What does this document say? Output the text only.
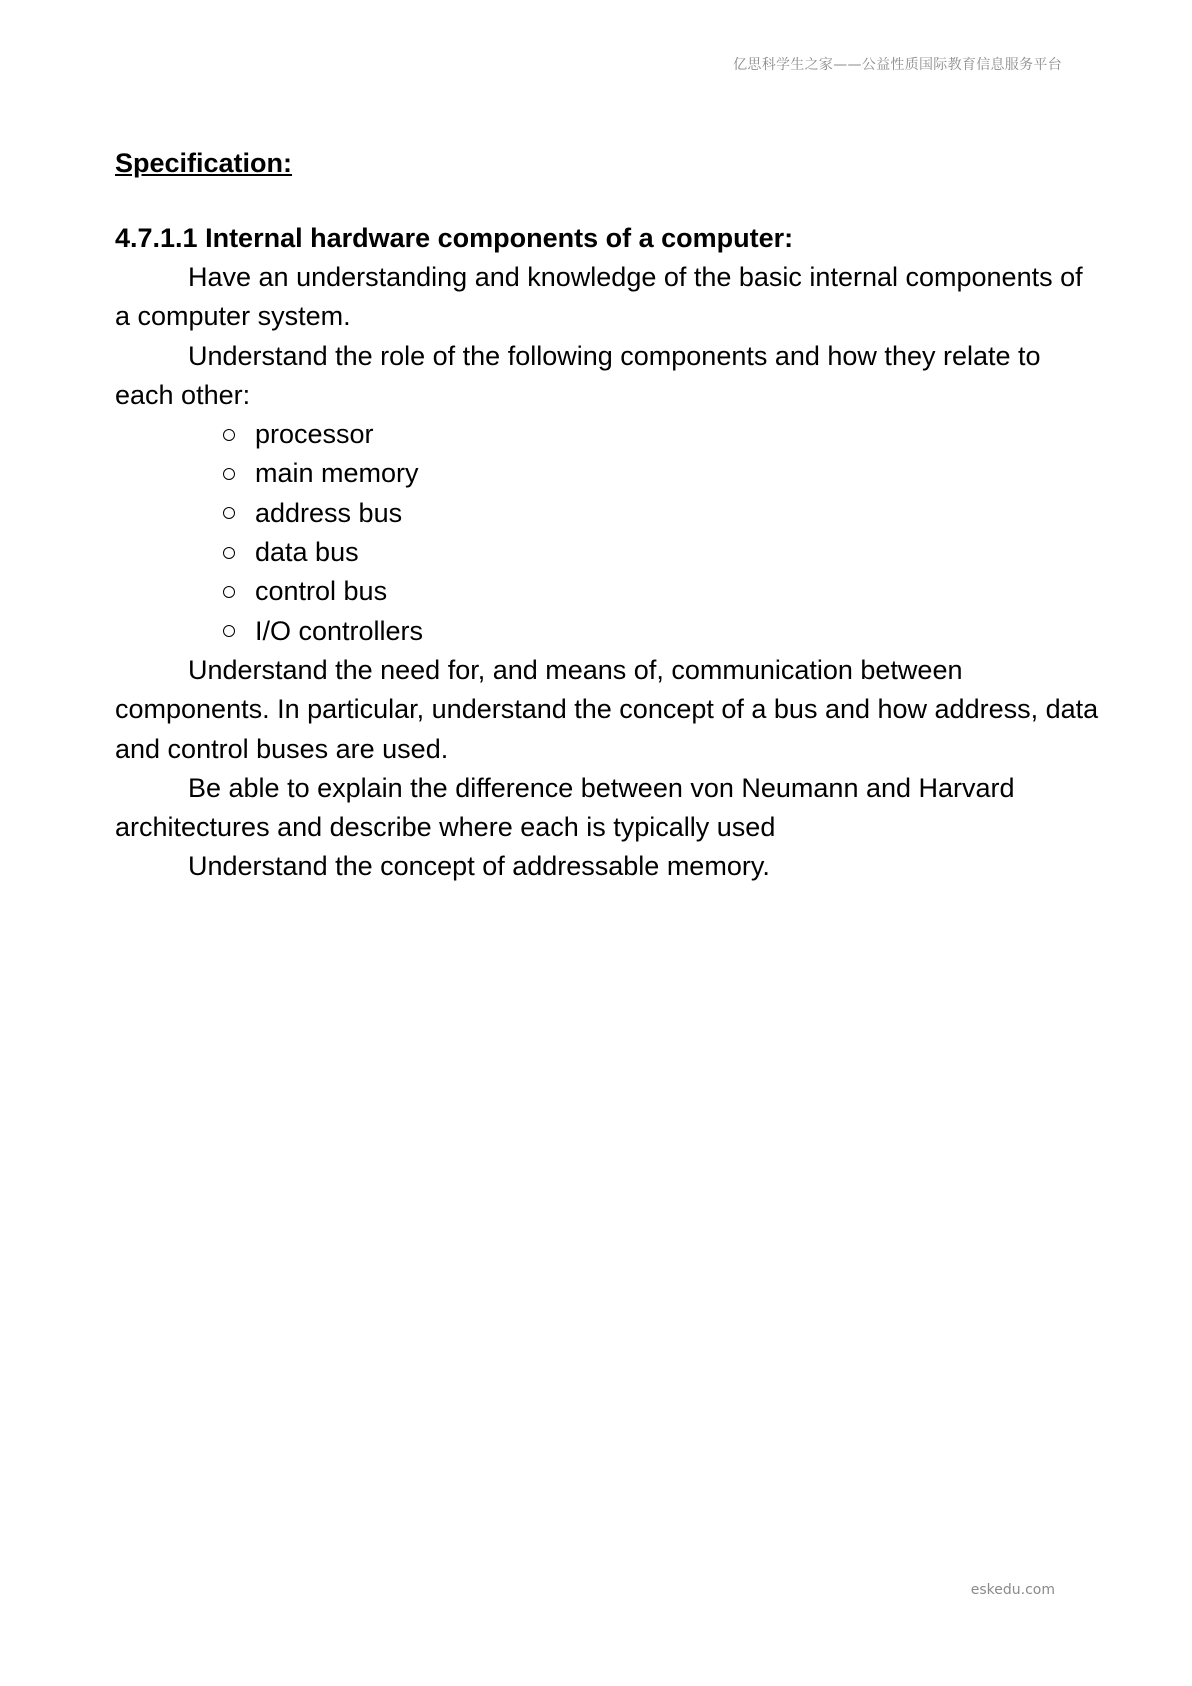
亿思科学生之家——公益性质国际教育信息服务平台
Specification:
4.7.1.1 Internal hardware components of a computer:

Have an understanding and knowledge of the basic internal components of a computer system.

Understand the role of the following components and how they relate to each other:

processor
main memory
address bus
data bus
control bus
I/O controllers

Understand the need for, and means of, communication between components. In particular, understand the concept of a bus and how address, data and control buses are used.

Be able to explain the difference between von Neumann and Harvard architectures and describe where each is typically used

Understand the concept of addressable memory.

eskedu.com
